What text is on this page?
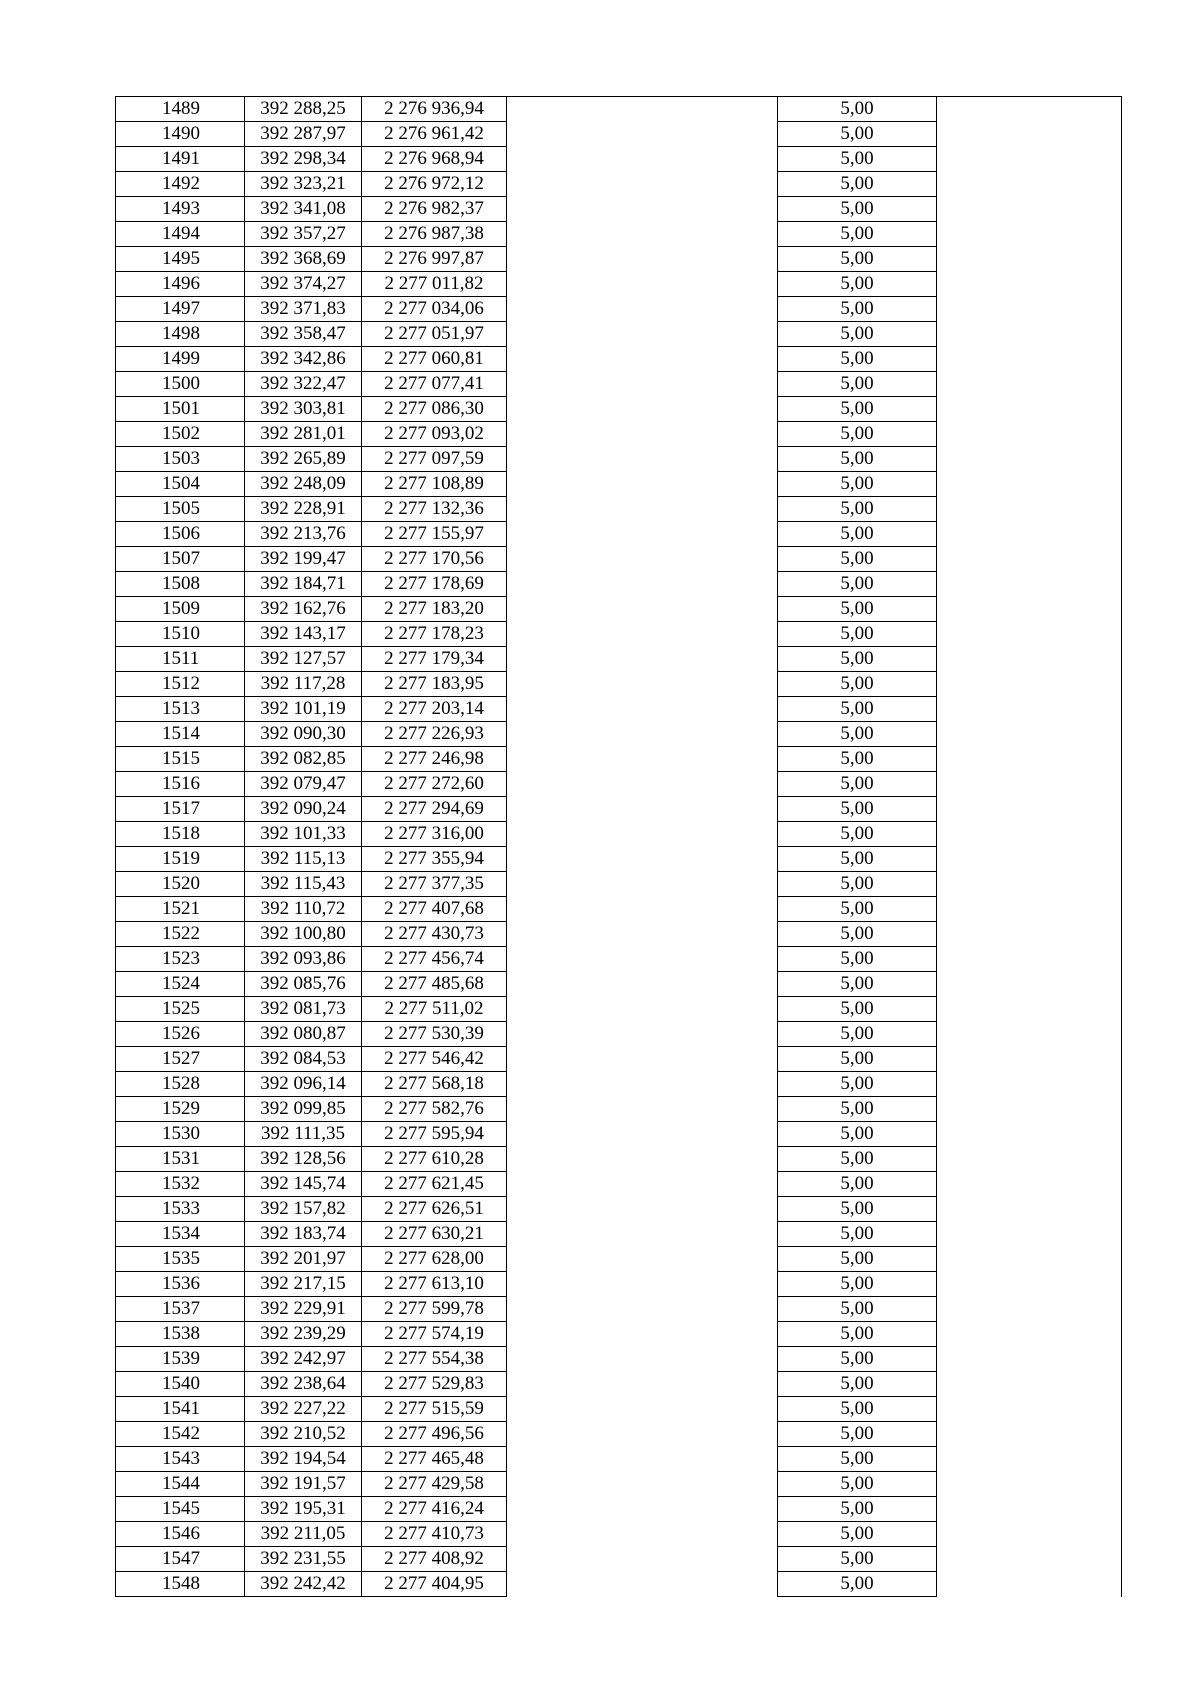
1489	392 288,25	2 276 936,94		5,00	
1490	392 287,97	2 276 961,42		5,00	
1491	392 298,34	2 276 968,94		5,00	
1492	392 323,21	2 276 972,12		5,00	
1493	392 341,08	2 276 982,37		5,00	
1494	392 357,27	2 276 987,38		5,00	
1495	392 368,69	2 276 997,87		5,00	
1496	392 374,27	2 277 011,82		5,00	
1497	392 371,83	2 277 034,06		5,00	
1498	392 358,47	2 277 051,97		5,00	
1499	392 342,86	2 277 060,81		5,00	
1500	392 322,47	2 277 077,41		5,00	
1501	392 303,81	2 277 086,30		5,00	
1502	392 281,01	2 277 093,02		5,00	
1503	392 265,89	2 277 097,59		5,00	
1504	392 248,09	2 277 108,89		5,00	
1505	392 228,91	2 277 132,36		5,00	
1506	392 213,76	2 277 155,97		5,00	
1507	392 199,47	2 277 170,56		5,00	
1508	392 184,71	2 277 178,69		5,00	
1509	392 162,76	2 277 183,20		5,00	
1510	392 143,17	2 277 178,23		5,00	
1511	392 127,57	2 277 179,34		5,00	
1512	392 117,28	2 277 183,95		5,00	
1513	392 101,19	2 277 203,14		5,00	
1514	392 090,30	2 277 226,93		5,00	
1515	392 082,85	2 277 246,98		5,00	
1516	392 079,47	2 277 272,60		5,00	
1517	392 090,24	2 277 294,69		5,00	
1518	392 101,33	2 277 316,00		5,00	
1519	392 115,13	2 277 355,94		5,00	
1520	392 115,43	2 277 377,35		5,00	
1521	392 110,72	2 277 407,68		5,00	
1522	392 100,80	2 277 430,73		5,00	
1523	392 093,86	2 277 456,74		5,00	
1524	392 085,76	2 277 485,68		5,00	
1525	392 081,73	2 277 511,02		5,00	
1526	392 080,87	2 277 530,39		5,00	
1527	392 084,53	2 277 546,42		5,00	
1528	392 096,14	2 277 568,18		5,00	
1529	392 099,85	2 277 582,76		5,00	
1530	392 111,35	2 277 595,94		5,00	
1531	392 128,56	2 277 610,28		5,00	
1532	392 145,74	2 277 621,45		5,00	
1533	392 157,82	2 277 626,51		5,00	
1534	392 183,74	2 277 630,21		5,00	
1535	392 201,97	2 277 628,00		5,00	
1536	392 217,15	2 277 613,10		5,00	
1537	392 229,91	2 277 599,78		5,00	
1538	392 239,29	2 277 574,19		5,00	
1539	392 242,97	2 277 554,38		5,00	
1540	392 238,64	2 277 529,83		5,00	
1541	392 227,22	2 277 515,59		5,00	
1542	392 210,52	2 277 496,56		5,00	
1543	392 194,54	2 277 465,48		5,00	
1544	392 191,57	2 277 429,58		5,00	
1545	392 195,31	2 277 416,24		5,00	
1546	392 211,05	2 277 410,73		5,00	
1547	392 231,55	2 277 408,92		5,00	
1548	392 242,42	2 277 404,95		5,00	
